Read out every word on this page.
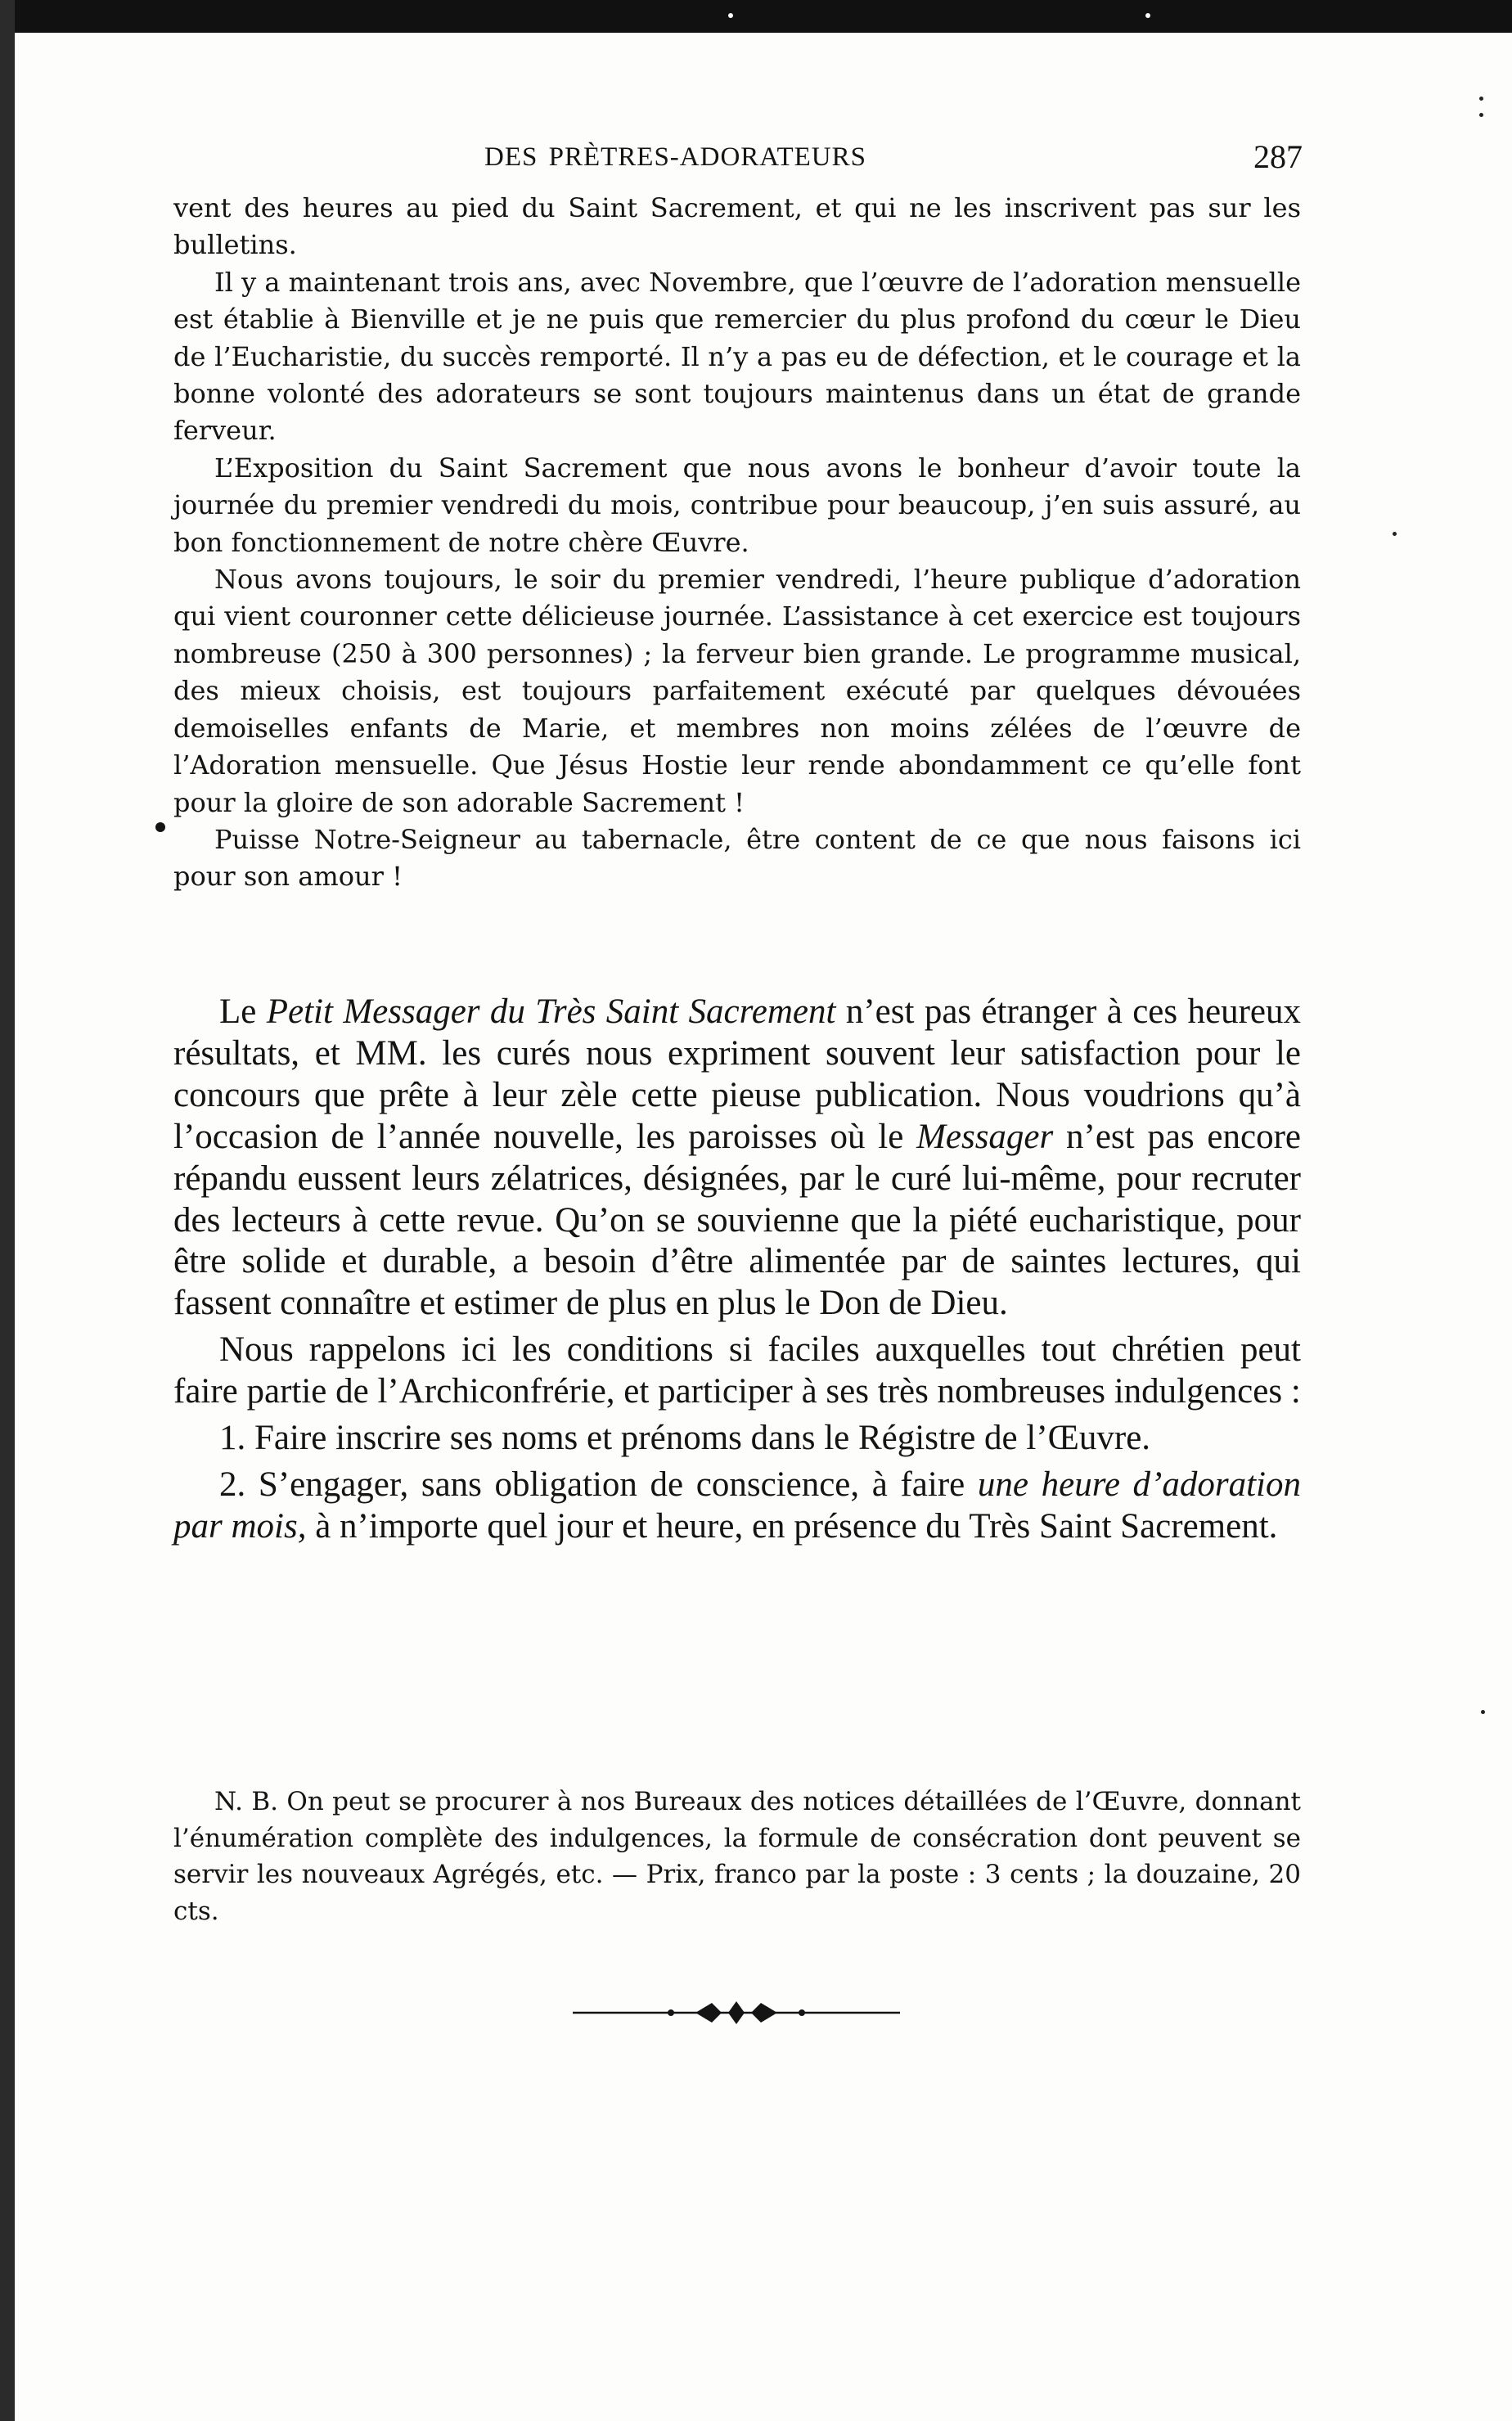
DES PRÈTRES-ADORATEURS	287

vent des heures au pied du Saint Sacrement, et qui ne les inscrivent pas sur les bulletins.

Il y a maintenant trois ans, avec Novembre, que l’œuvre de l’adoration mensuelle est établie à Bienville et je ne puis que remercier du plus profond du cœur le Dieu de l’Eucharistie, du succès remporté. Il n’y a pas eu de défection, et le courage et la bonne volonté des adorateurs se sont toujours maintenus dans un état de grande ferveur.

L’Exposition du Saint Sacrement que nous avons le bonheur d’avoir toute la journée du premier vendredi du mois, contribue pour beaucoup, j’en suis assuré, au bon fonctionnement de notre chère Œuvre.

Nous avons toujours, le soir du premier vendredi, l’heure publique d’adoration qui vient couronner cette délicieuse journée. L’assistance à cet exercice est toujours nombreuse (250 à 300 personnes) ; la ferveur bien grande. Le programme musical, des mieux choisis, est toujours parfaitement exécuté par quelques dévouées demoiselles enfants de Marie, et membres non moins zélées de l’œuvre de l’Adoration mensuelle. Que Jésus Hostie leur rende abondamment ce qu’elle font pour la gloire de son adorable Sacrement !

Puisse Notre-Seigneur au tabernacle, être content de ce que nous faisons ici pour son amour !

Le Petit Messager du Très Saint Sacrement n’est pas étranger à ces heureux résultats, et MM. les curés nous expriment souvent leur satisfaction pour le concours que prête à leur zèle cette pieuse publication. Nous voudrions qu’à l’occasion de l’année nouvelle, les paroisses où le Messager n’est pas encore répandu eussent leurs zélatrices, désignées, par le curé lui-même, pour recruter des lecteurs à cette revue. Qu’on se souvienne que la piété eucharistique, pour être solide et durable, a besoin d’être alimentée par de saintes lectures, qui fassent connaître et estimer de plus en plus le Don de Dieu.

Nous rappelons ici les conditions si faciles auxquelles tout chrétien peut faire partie de l’Archiconfrérie, et participer à ses très nombreuses indulgences :

1. Faire inscrire ses noms et prénoms dans le Régistre de l’Œuvre.

2. S’engager, sans obligation de conscience, à faire une heure d’adoration par mois, à n’importe quel jour et heure, en présence du Très Saint Sacrement.

N. B. On peut se procurer à nos Bureaux des notices détaillées de l’Œuvre, donnant l’énumération complète des indulgences, la formule de consécration dont peuvent se servir les nouveaux Agrégés, etc. — Prix, franco par la poste : 3 cents ; la douzaine, 20 cts.
